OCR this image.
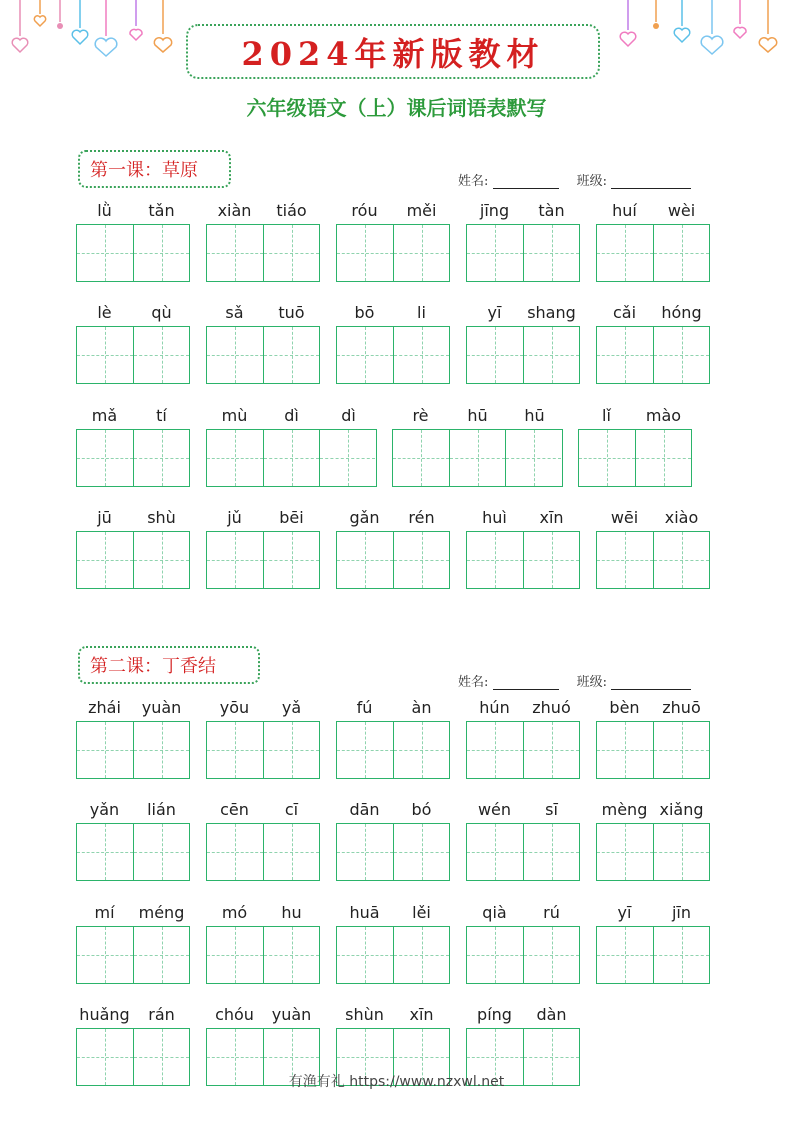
2024年新版教材
六年级语文（上）课后词语表默写
第一课：草原
姓名:	班级:
第二课：丁香结
姓名:	班级:
lǜ	tǎn	xiàn	tiáo	róu	měi	jīng	tàn	huí	wèi
lè	qù	sǎ	tuō	bō	li	yī	shang	cǎi	hóng
mǎ	tí	mù	dì	dì	rè	hū	hū	lǐ	mào
jū	shù	jǔ	bēi	gǎn	rén	huì	xīn	wēi	xiào
zhái	yuàn	yōu	yǎ	fú	àn	hún	zhuó	bèn	zhuō
yǎn	lián	cēn	cī	dān	bó	wén	sī	mèng xiǎng
mí	méng	mó	hu	huā	lěi	qià	rú	yī	jīn
huǎng	rán	chóu	yuàn	shùn	xīn	píng	dàn
有渔有礼 https://www.nzxwl.net
